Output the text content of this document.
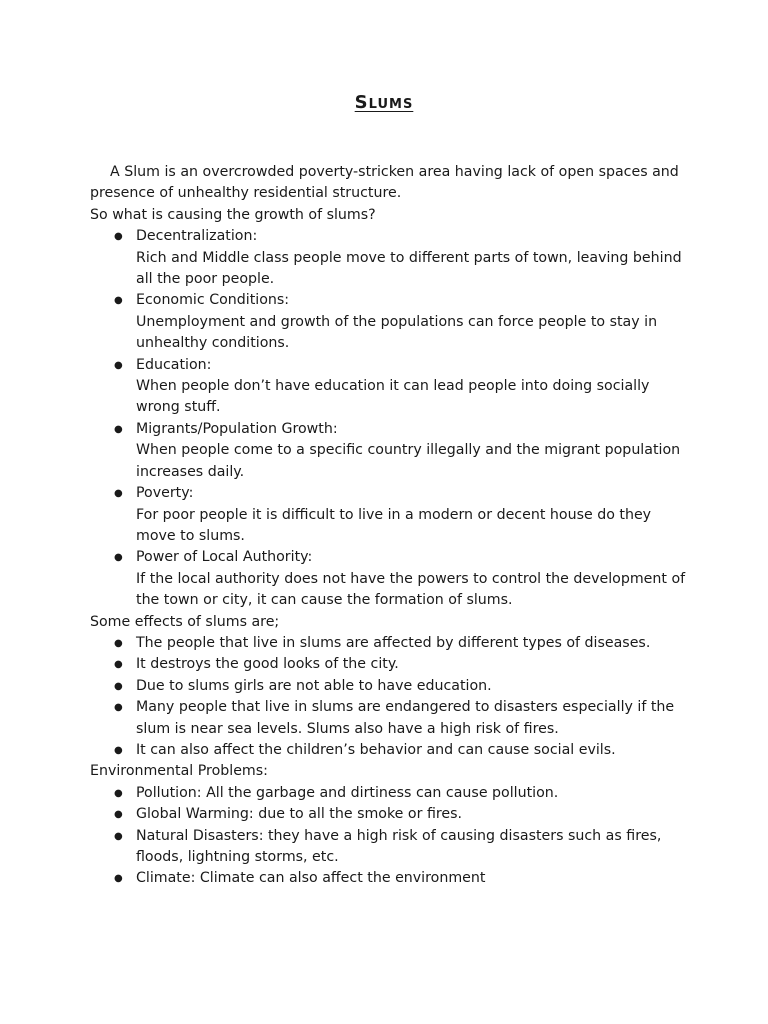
Slums

A Slum is an overcrowded poverty-stricken area having lack of open spaces and presence of unhealthy residential structure.

So what is causing the growth of slums?

● Decentralization:
Rich and Middle class people move to different parts of town, leaving behind all the poor people.
● Economic Conditions:
Unemployment and growth of the populations can force people to stay in unhealthy conditions.
● Education:
When people don’t have education it can lead people into doing socially wrong stuff.
● Migrants/Population Growth:
When people come to a specific country illegally and the migrant population increases daily.
● Poverty:
For poor people it is difficult to live in a modern or decent house do they move to slums.
● Power of Local Authority:
If the local authority does not have the powers to control the development of the town or city, it can cause the formation of slums.

Some effects of slums are;

● The people that live in slums are affected by different types of diseases.
● It destroys the good looks of the city.
● Due to slums girls are not able to have education.
● Many people that live in slums are endangered to disasters especially if the slum is near sea levels. Slums also have a high risk of fires.
● It can also affect the children’s behavior and can cause social evils.

Environmental Problems:

● Pollution: All the garbage and dirtiness can cause pollution.
● Global Warming: due to all the smoke or fires.
● Natural Disasters: they have a high risk of causing disasters such as fires, floods, lightning storms, etc.
● Climate: Climate can also affect the environment
